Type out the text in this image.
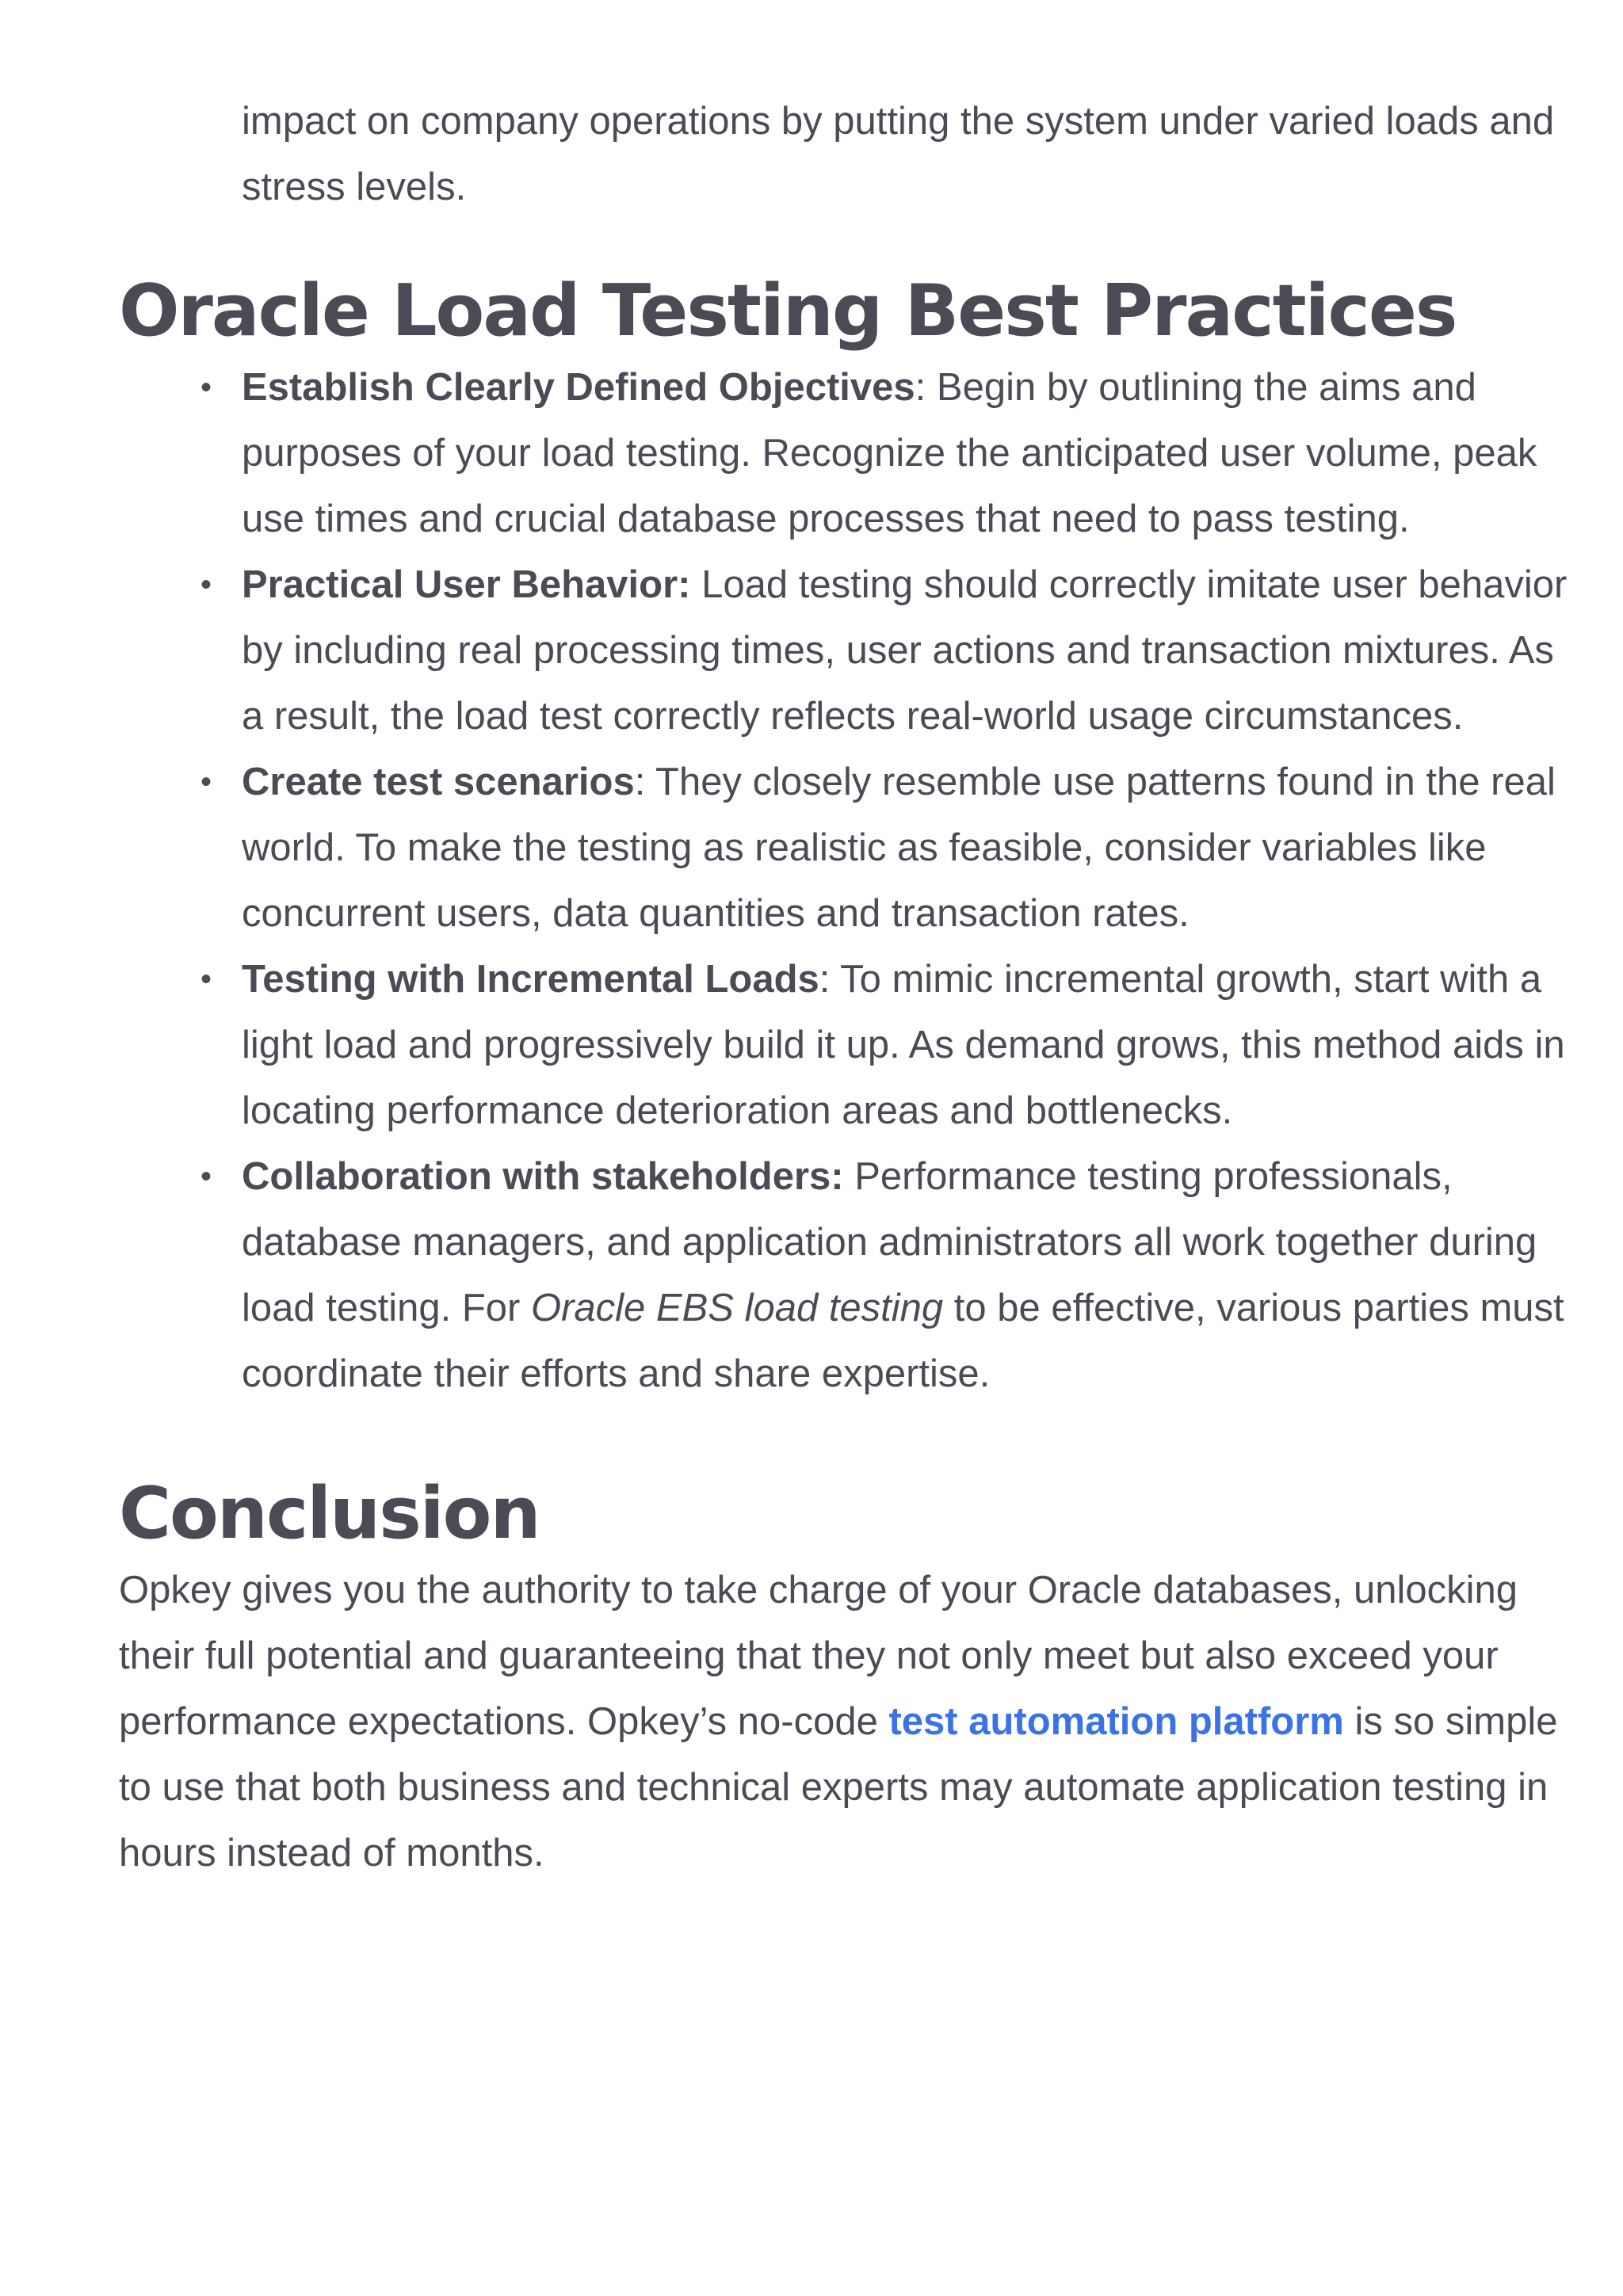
impact on company operations by putting the system under varied loads and stress levels.

Oracle Load Testing Best Practices
• Establish Clearly Defined Objectives: Begin by outlining the aims and purposes of your load testing. Recognize the anticipated user volume, peak use times and crucial database processes that need to pass testing.
• Practical User Behavior: Load testing should correctly imitate user behavior by including real processing times, user actions and transaction mixtures. As a result, the load test correctly reflects real-world usage circumstances.
• Create test scenarios: They closely resemble use patterns found in the real world. To make the testing as realistic as feasible, consider variables like concurrent users, data quantities and transaction rates.
• Testing with Incremental Loads: To mimic incremental growth, start with a light load and progressively build it up. As demand grows, this method aids in locating performance deterioration areas and bottlenecks.
• Collaboration with stakeholders: Performance testing professionals, database managers, and application administrators all work together during load testing. For Oracle EBS load testing to be effective, various parties must coordinate their efforts and share expertise.
Conclusion

Opkey gives you the authority to take charge of your Oracle databases, unlocking their full potential and guaranteeing that they not only meet but also exceed your performance expectations. Opkey’s no-code test automation platform is so simple to use that both business and technical experts may automate application testing in hours instead of months.
